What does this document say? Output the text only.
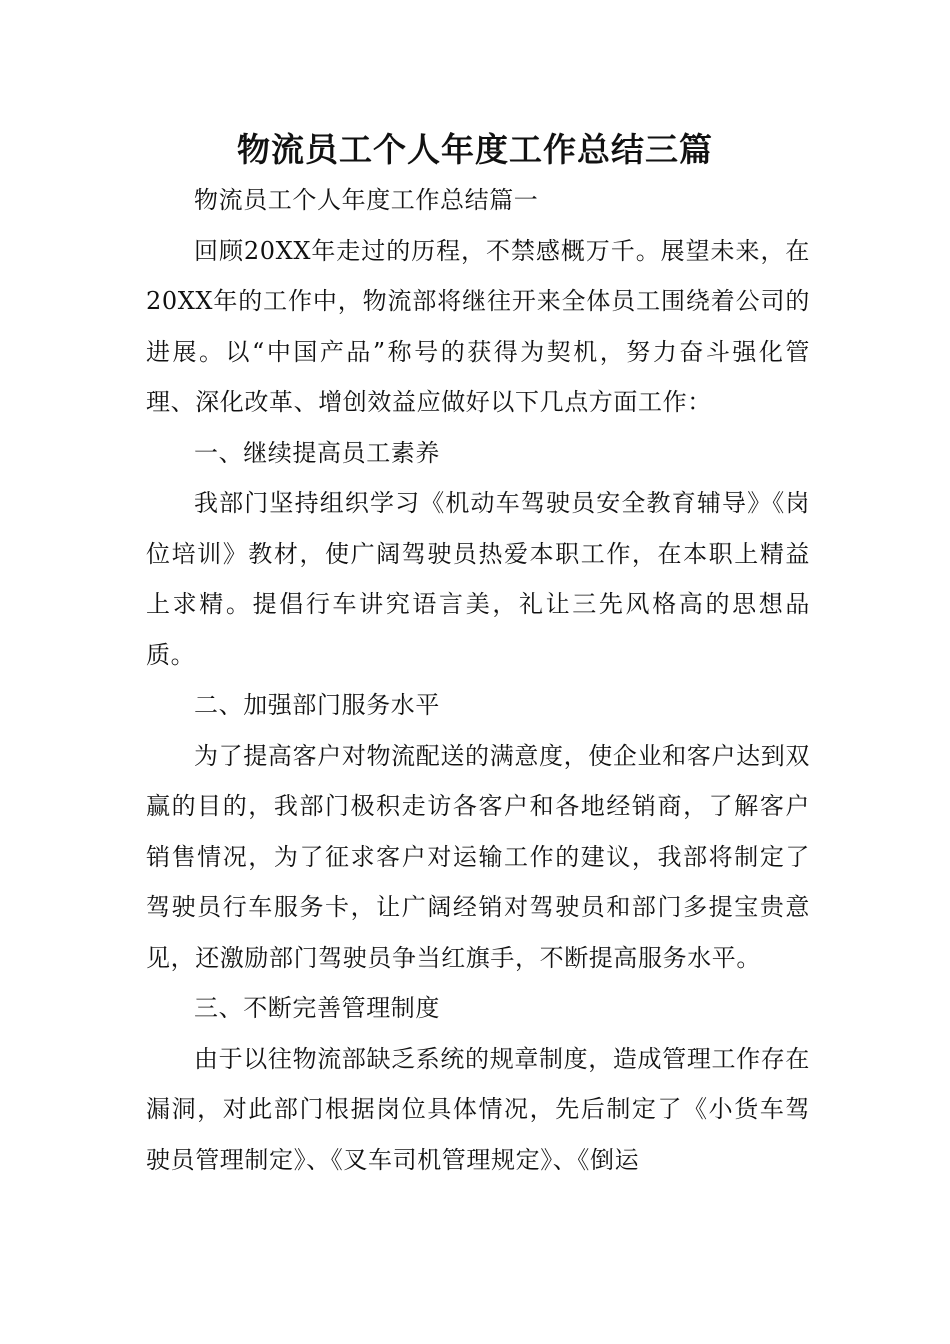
物流员工个人年度工作总结三篇

物流员工个人年度工作总结篇一

回顾20XX年走过的历程，不禁感概万千。展望未来，在20XX年的工作中，物流部将继往开来全体员工围绕着公司的进展。以“中国产品”称号的获得为契机，努力奋斗强化管理、深化改革、增创效益应做好以下几点方面工作：

一、继续提高员工素养

我部门坚持组织学习《机动车驾驶员安全教育辅导》《岗位培训》教材，使广阔驾驶员热爱本职工作，在本职上精益上求精。提倡行车讲究语言美，礼让三先风格高的思想品质。

二、加强部门服务水平

为了提高客户对物流配送的满意度，使企业和客户达到双赢的目的，我部门极积走访各客户和各地经销商，了解客户销售情况，为了征求客户对运输工作的建议，我部将制定了驾驶员行车服务卡，让广阔经销对驾驶员和部门多提宝贵意见，还激励部门驾驶员争当红旗手，不断提高服务水平。

三、不断完善管理制度

由于以往物流部缺乏系统的规章制度，造成管理工作存在漏洞，对此部门根据岗位具体情况，先后制定了《小货车驾驶员管理制定》、《叉车司机管理规定》、《倒运
